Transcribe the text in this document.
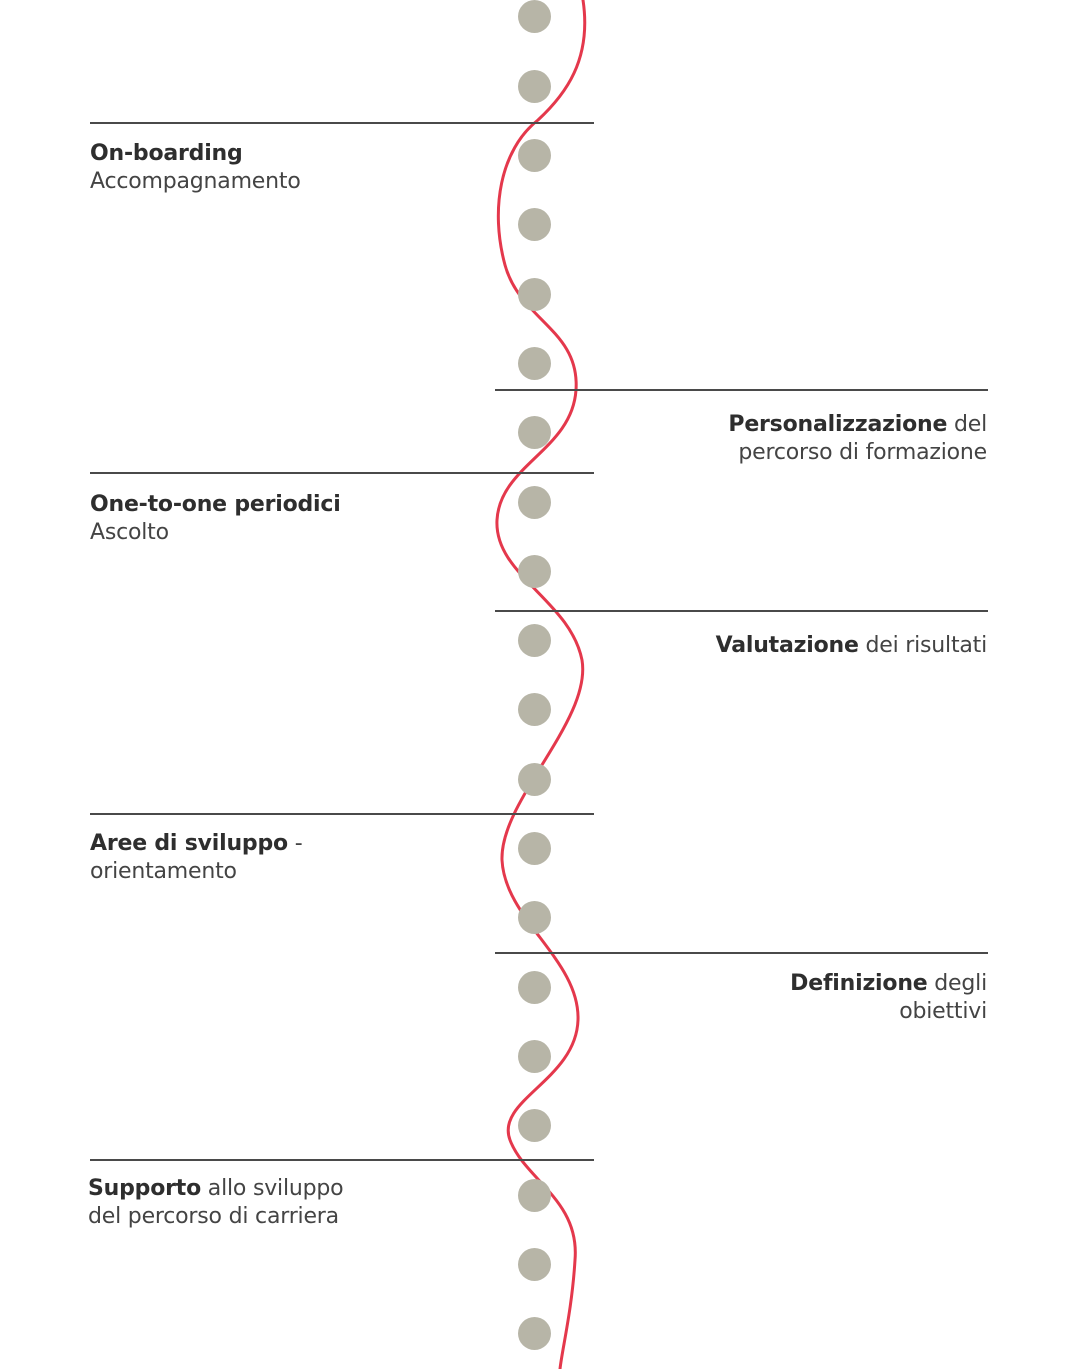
On-boarding
Accompagnamento
Personalizzazione del
percorso di formazione
One-to-one periodici
Ascolto
Valutazione dei risultati
Aree di sviluppo -
orientamento
Definizione degli
obiettivi
Supporto allo sviluppo
del percorso di carriera
